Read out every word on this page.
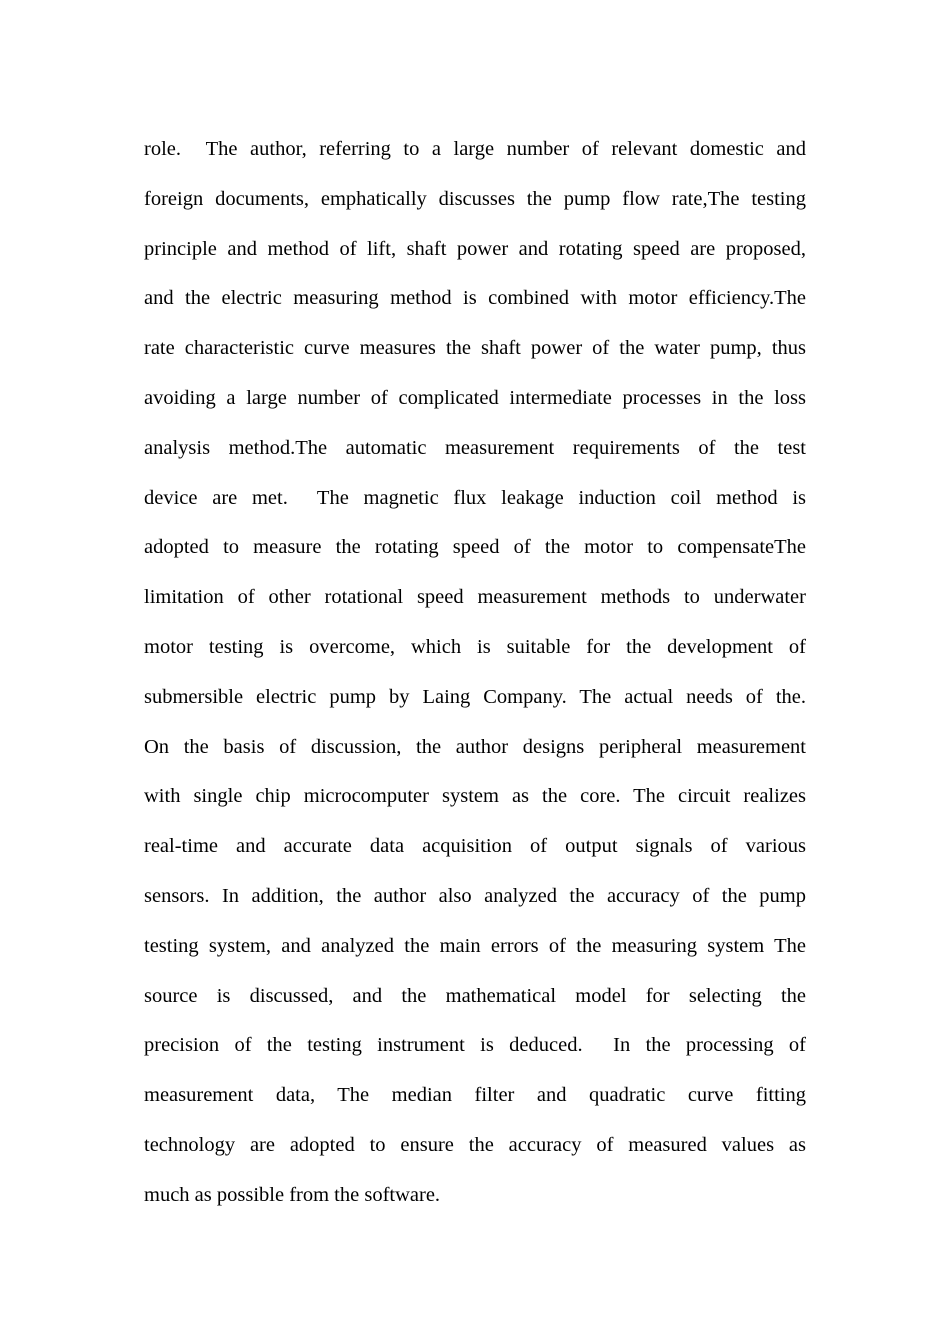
role.  The author, referring to a large number of relevant domestic and
foreign documents, emphatically discusses the pump flow rate,The testing
principle and method of lift, shaft power and rotating speed are proposed,
and the electric measuring method is combined with motor efficiency.The
rate characteristic curve measures the shaft power of the water pump, thus
avoiding a large number of complicated intermediate processes in the loss
analysis method.The automatic measurement requirements of the test
device are met.  The magnetic flux leakage induction coil method is
adopted to measure the rotating speed of the motor to compensateThe
limitation of other rotational speed measurement methods to underwater
motor testing is overcome, which is suitable for the development of
submersible electric pump by Laing Company. The actual needs of the.
On the basis of discussion, the author designs peripheral measurement
with single chip microcomputer system as the core. The circuit realizes
real-time and accurate data acquisition of output signals of various
sensors. In addition, the author also analyzed the accuracy of the pump
testing system, and analyzed the main errors of the measuring system The
source is discussed, and the mathematical model for selecting the
precision of the testing instrument is deduced.  In the processing of
measurement data, The median filter and quadratic curve fitting
technology are adopted to ensure the accuracy of measured values as
much as possible from the software.
